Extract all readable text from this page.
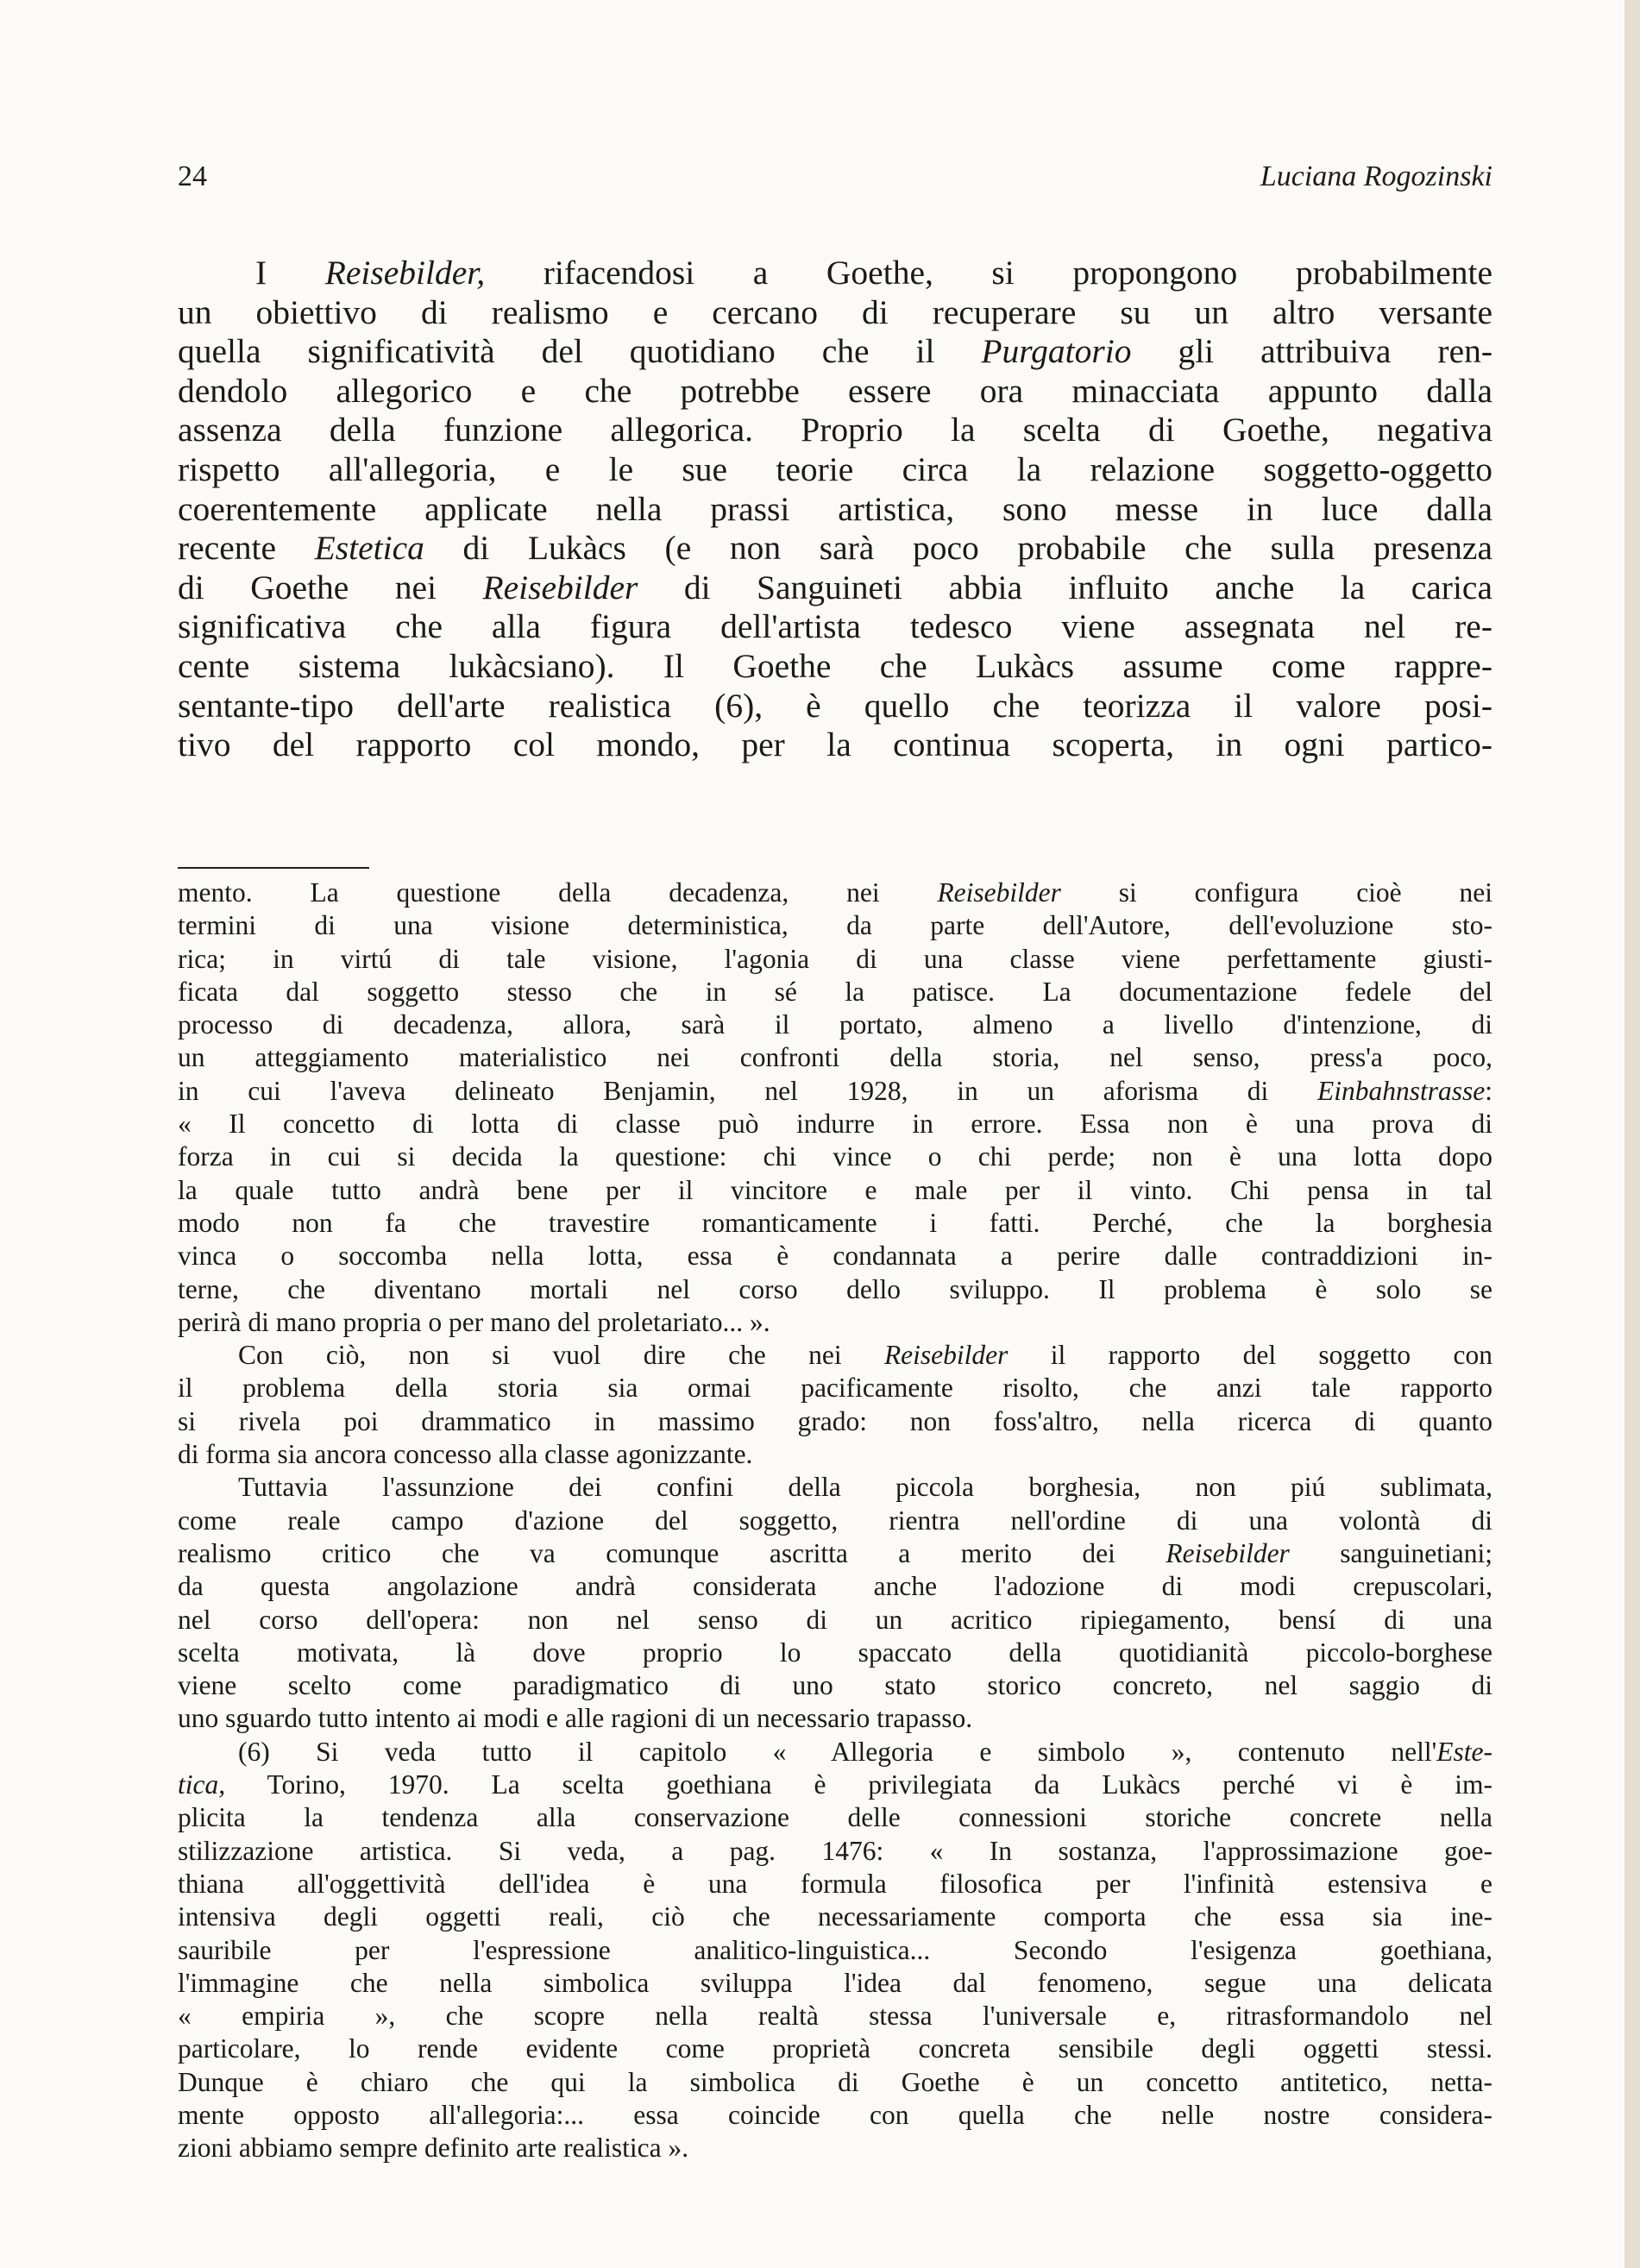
24	Luciana Rogozinski
I Reisebilder, rifacendosi a Goethe, si propongono probabilmente
un obiettivo di realismo e cercano di recuperare su un altro versante
quella significatività del quotidiano che il Purgatorio gli attribuiva ren-
dendolo allegorico e che potrebbe essere ora minacciata appunto dalla
assenza della funzione allegorica. Proprio la scelta di Goethe, negativa
rispetto all'allegoria, e le sue teorie circa la relazione soggetto-oggetto
coerentemente applicate nella prassi artistica, sono messe in luce dalla
recente Estetica di Lukàcs (e non sarà poco probabile che sulla presenza
di Goethe nei Reisebilder di Sanguineti abbia influito anche la carica
significativa che alla figura dell'artista tedesco viene assegnata nel re-
cente sistema lukàcsiano). Il Goethe che Lukàcs assume come rappre-
sentante-tipo dell'arte realistica (6), è quello che teorizza il valore posi-
tivo del rapporto col mondo, per la continua scoperta, in ogni partico-
mento. La questione della decadenza, nei Reisebilder si configura cioè nei
termini di una visione deterministica, da parte dell'Autore, dell'evoluzione sto-
rica; in virtú di tale visione, l'agonia di una classe viene perfettamente giusti-
ficata dal soggetto stesso che in sé la patisce. La documentazione fedele del
processo di decadenza, allora, sarà il portato, almeno a livello d'intenzione, di
un atteggiamento materialistico nei confronti della storia, nel senso, press'a poco,
in cui l'aveva delineato Benjamin, nel 1928, in un aforisma di Einbahnstrasse:
« Il concetto di lotta di classe può indurre in errore. Essa non è una prova di
forza in cui si decida la questione: chi vince o chi perde; non è una lotta dopo
la quale tutto andrà bene per il vincitore e male per il vinto. Chi pensa in tal
modo non fa che travestire romanticamente i fatti. Perché, che la borghesia
vinca o soccomba nella lotta, essa è condannata a perire dalle contraddizioni in-
terne, che diventano mortali nel corso dello sviluppo. Il problema è solo se
perirà di mano propria o per mano del proletariato... ».
Con ciò, non si vuol dire che nei Reisebilder il rapporto del soggetto con
il problema della storia sia ormai pacificamente risolto, che anzi tale rapporto
si rivela poi drammatico in massimo grado: non foss'altro, nella ricerca di quanto
di forma sia ancora concesso alla classe agonizzante.
Tuttavia l'assunzione dei confini della piccola borghesia, non piú sublimata,
come reale campo d'azione del soggetto, rientra nell'ordine di una volontà di
realismo critico che va comunque ascritta a merito dei Reisebilder sanguinetiani;
da questa angolazione andrà considerata anche l'adozione di modi crepuscolari,
nel corso dell'opera: non nel senso di un acritico ripiegamento, bensí di una
scelta motivata, là dove proprio lo spaccato della quotidianità piccolo-borghese
viene scelto come paradigmatico di uno stato storico concreto, nel saggio di
uno sguardo tutto intento ai modi e alle ragioni di un necessario trapasso.
(6) Si veda tutto il capitolo « Allegoria e simbolo », contenuto nell'Este-
tica, Torino, 1970. La scelta goethiana è privilegiata da Lukàcs perché vi è im-
plicita la tendenza alla conservazione delle connessioni storiche concrete nella
stilizzazione artistica. Si veda, a pag. 1476: « In sostanza, l'approssimazione goe-
thiana all'oggettività dell'idea è una formula filosofica per l'infinità estensiva e
intensiva degli oggetti reali, ciò che necessariamente comporta che essa sia ine-
sauribile per l'espressione analitico-linguistica... Secondo l'esigenza goethiana,
l'immagine che nella simbolica sviluppa l'idea dal fenomeno, segue una delicata
« empiria », che scopre nella realtà stessa l'universale e, ritrasformandolo nel
particolare, lo rende evidente come proprietà concreta sensibile degli oggetti stessi.
Dunque è chiaro che qui la simbolica di Goethe è un concetto antitetico, netta-
mente opposto all'allegoria:... essa coincide con quella che nelle nostre considera-
zioni abbiamo sempre definito arte realistica ».
